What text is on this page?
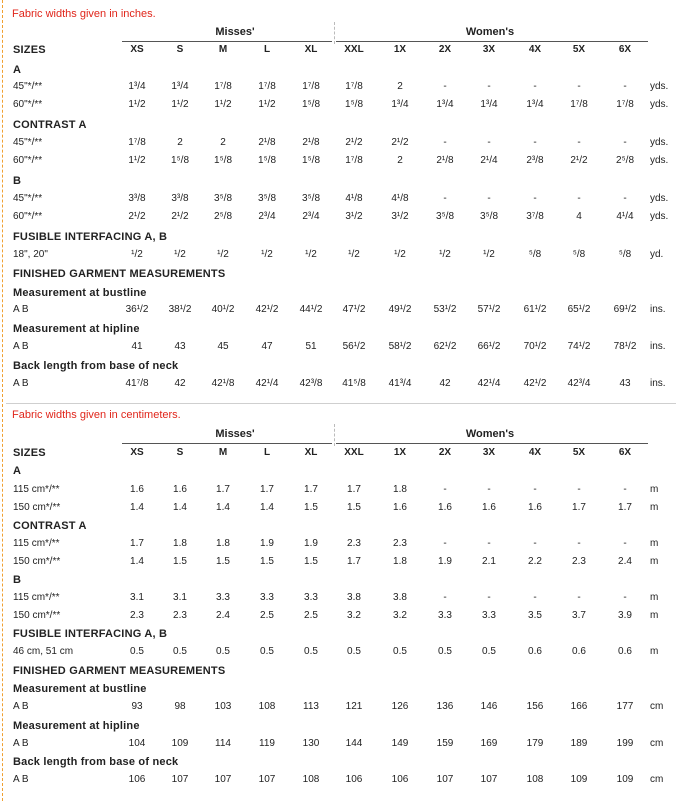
Fabric widths given in inches.
Misses'	Women's
SIZES	XS	S	M	L	XL	XXL	1X	2X	3X	4X	5X	6X
A
45"*/**	1³/4	1³/4	1⁷/8	1⁷/8	1⁷/8	1⁷/8	2	-	-	-	-	-	yds.
60"*/**	1¹/2	1¹/2	1¹/2	1¹/2	1⁵/8	1⁵/8	1³/4	1³/4	1³/4	1³/4	1⁷/8	1⁷/8	yds.
CONTRAST A
45"*/**	1⁷/8	2	2	2¹/8	2¹/8	2¹/2	2¹/2	-	-	-	-	-	yds.
60"*/**	1¹/2	1⁵/8	1⁵/8	1⁵/8	1⁵/8	1⁷/8	2	2¹/8	2¹/4	2³/8	2¹/2	2⁵/8	yds.
B
45"*/**	3³/8	3³/8	3⁵/8	3⁵/8	3⁵/8	4¹/8	4¹/8	-	-	-	-	-	yds.
60"*/**	2¹/2	2¹/2	2⁵/8	2³/4	2³/4	3¹/2	3¹/2	3⁵/8	3⁵/8	3⁷/8	4	4¹/4	yds.
FUSIBLE INTERFACING A, B
18", 20"	¹/2	¹/2	¹/2	¹/2	¹/2	¹/2	¹/2	¹/2	¹/2	⁵/8	⁵/8	⁵/8	yd.
FINISHED GARMENT MEASUREMENTS
Measurement at bustline
A B	36¹/2	38¹/2	40¹/2	42¹/2	44¹/2	47¹/2	49¹/2	53¹/2	57¹/2	61¹/2	65¹/2	69¹/2	ins.
Measurement at hipline
A B	41	43	45	47	51	56¹/2	58¹/2	62¹/2	66¹/2	70¹/2	74¹/2	78¹/2	ins.
Back length from base of neck
A B	41⁷/8	42	42¹/8	42¹/4	42³/8	41⁵/8	41³/4	42	42¹/4	42¹/2	42³/4	43	ins.
Fabric widths given in centimeters.
Misses'	Women's
SIZES	XS	S	M	L	XL	XXL	1X	2X	3X	4X	5X	6X
A
115 cm*/**	1.6	1.6	1.7	1.7	1.7	1.7	1.8	-	-	-	-	-	m
150 cm*/**	1.4	1.4	1.4	1.4	1.5	1.5	1.6	1.6	1.6	1.6	1.7	1.7	m
CONTRAST A
115 cm*/**	1.7	1.8	1.8	1.9	1.9	2.3	2.3	-	-	-	-	-	m
150 cm*/**	1.4	1.5	1.5	1.5	1.5	1.7	1.8	1.9	2.1	2.2	2.3	2.4	m
B
115 cm*/**	3.1	3.1	3.3	3.3	3.3	3.8	3.8	-	-	-	-	-	m
150 cm*/**	2.3	2.3	2.4	2.5	2.5	3.2	3.2	3.3	3.3	3.5	3.7	3.9	m
FUSIBLE INTERFACING A, B
46 cm, 51 cm	0.5	0.5	0.5	0.5	0.5	0.5	0.5	0.5	0.5	0.6	0.6	0.6	m
FINISHED GARMENT MEASUREMENTS
Measurement at bustline
A B	93	98	103	108	113	121	126	136	146	156	166	177	cm
Measurement at hipline
A B	104	109	114	119	130	144	149	159	169	179	189	199	cm
Back length from base of neck
A B	106	107	107	107	108	106	106	107	107	108	109	109	cm
